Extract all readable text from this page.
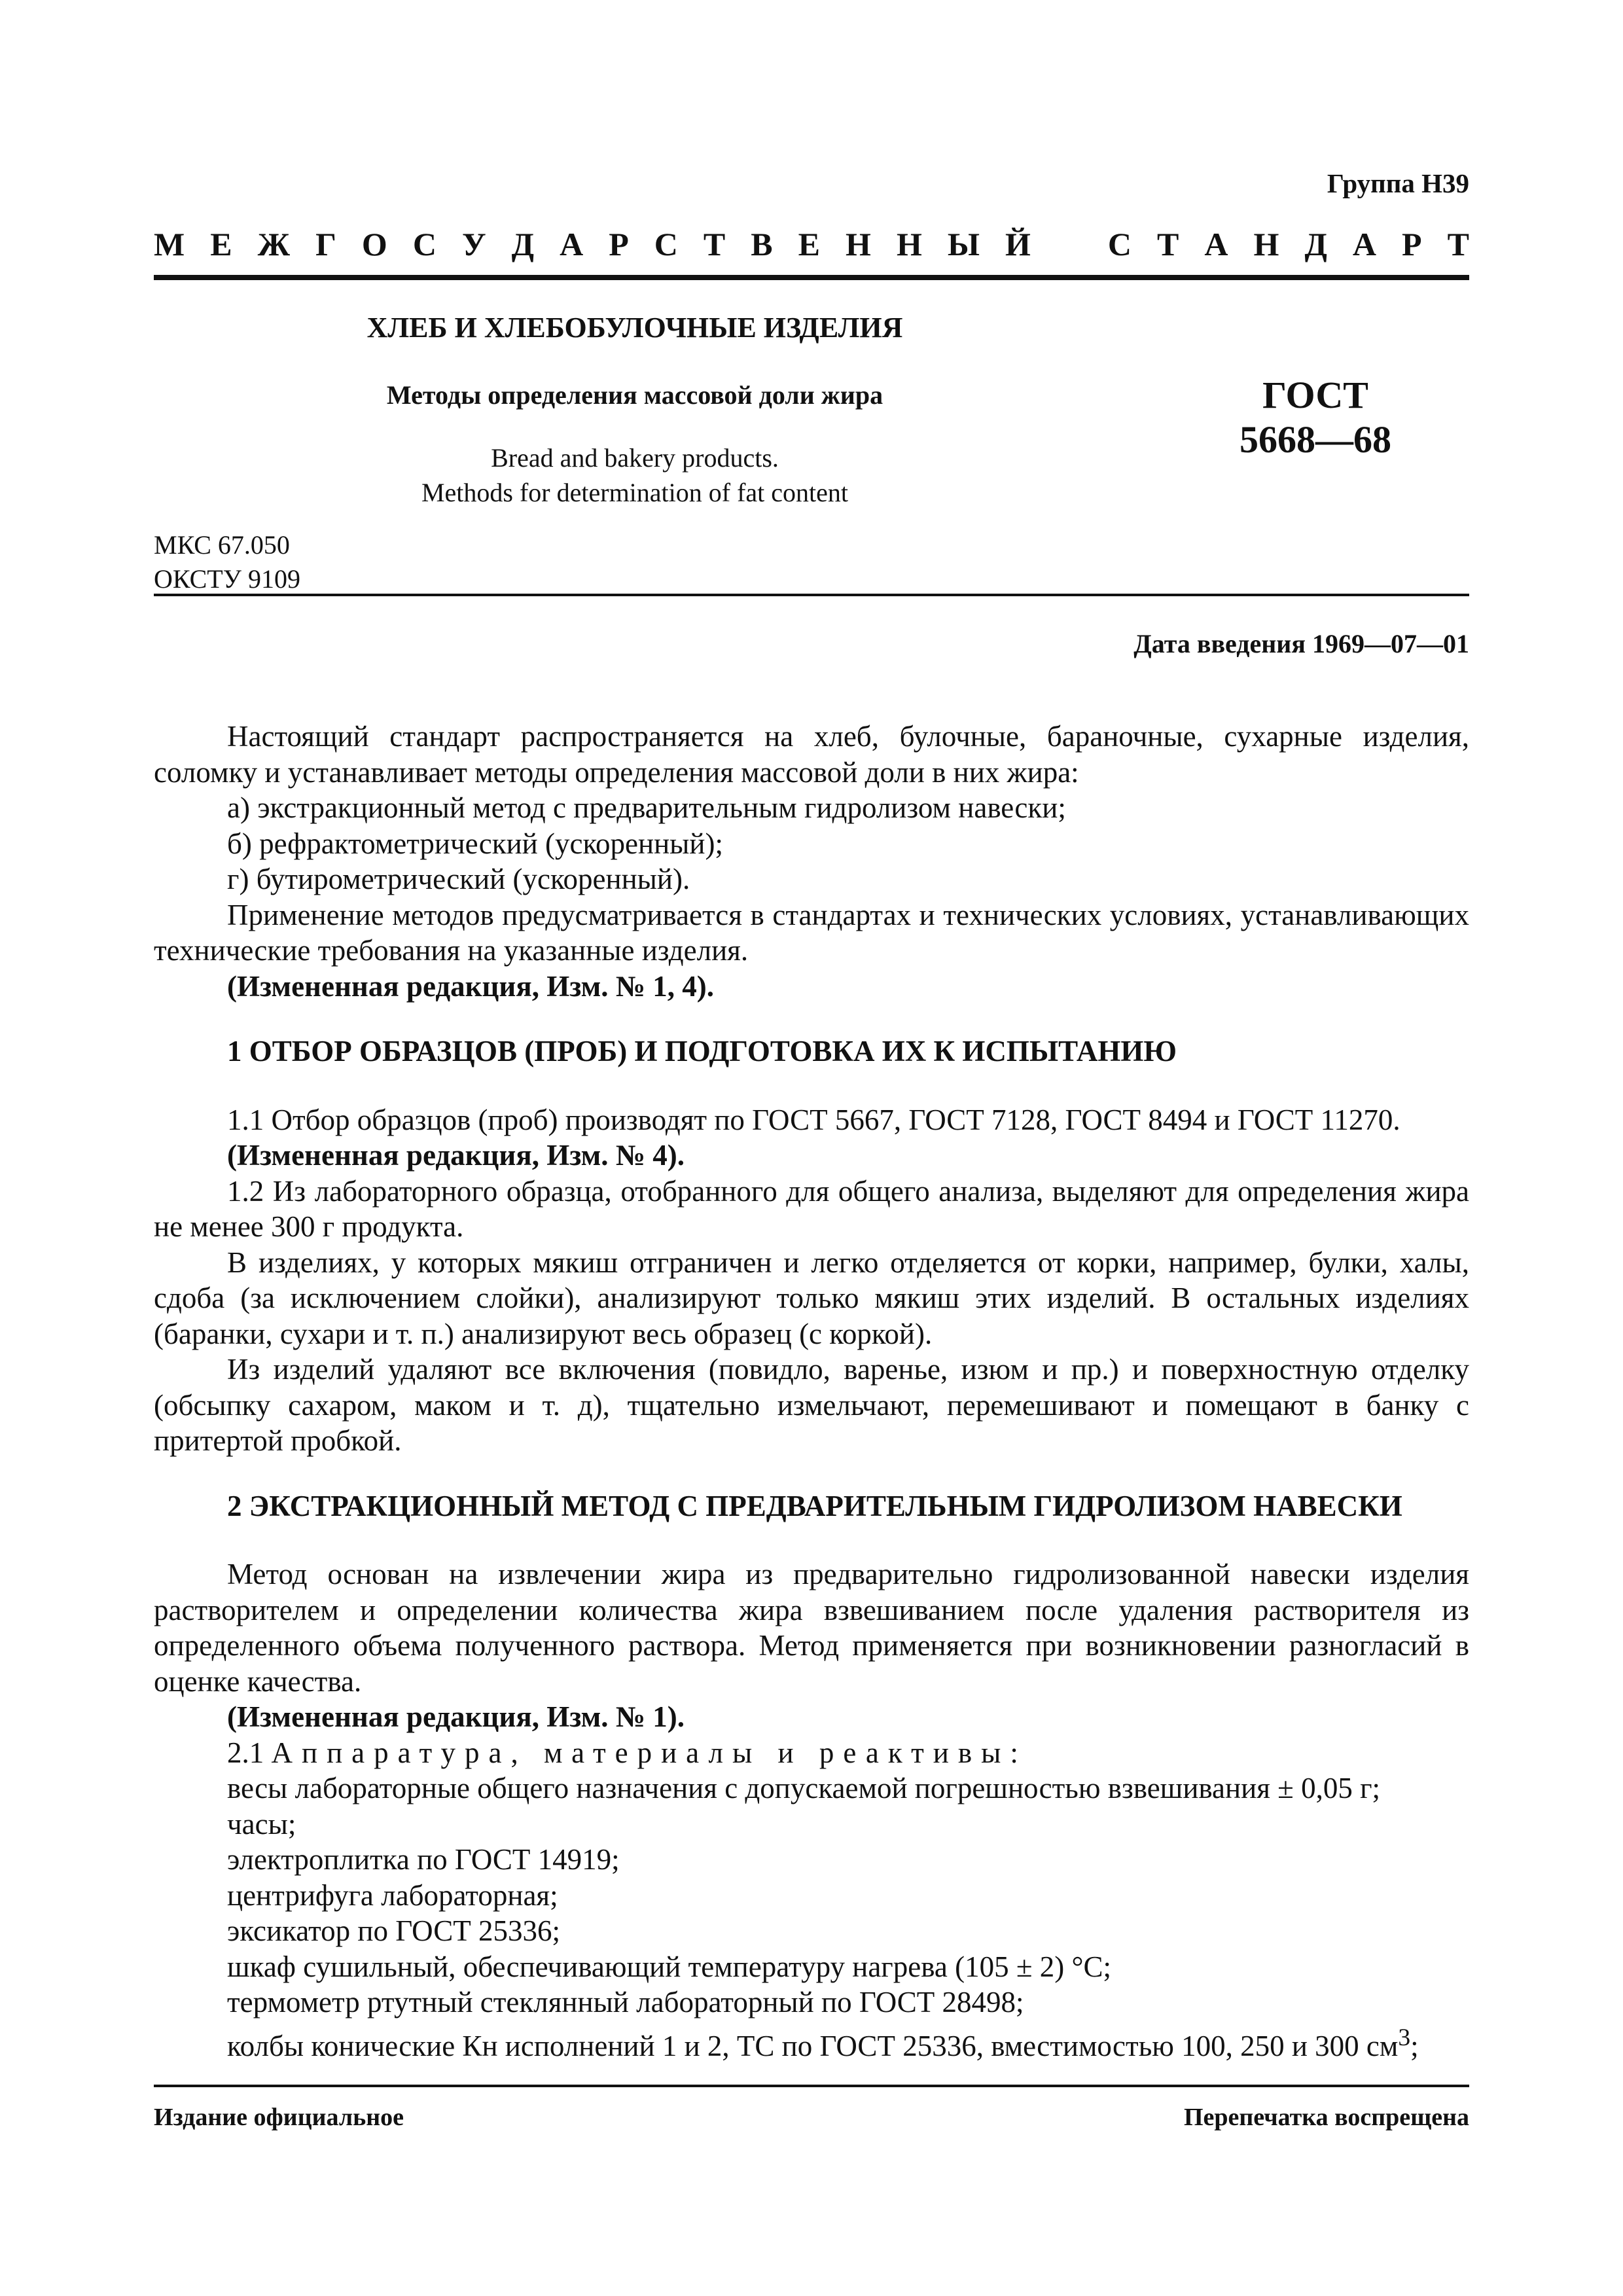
Группа Н39
М Е Ж Г О С У Д А Р С Т В Е Н Н Ы Й С Т А Н Д А Р Т
ХЛЕБ И ХЛЕБОБУЛОЧНЫЕ ИЗДЕЛИЯ
Методы определения массовой доли жира
Bread and bakery products.
Methods for determination of fat content
ГОСТ
5668—68
МКС 67.050
ОКСТУ 9109
Дата введения 1969—07—01

Настоящий стандарт распространяется на хлеб, булочные, бараночные, сухарные изделия, соломку и устанавливает методы определения массовой доли в них жира:

а) экстракционный метод с предварительным гидролизом навески;

б) рефрактометрический (ускоренный);

г) бутирометрический (ускоренный).

Применение методов предусматривается в стандартах и технических условиях, устанавливающих технические требования на указанные изделия.

(Измененная редакция, Изм. № 1, 4).

1 ОТБОР ОБРАЗЦОВ (ПРОБ) И ПОДГОТОВКА ИХ К ИСПЫТАНИЮ

1.1 Отбор образцов (проб) производят по ГОСТ 5667, ГОСТ 7128, ГОСТ 8494 и ГОСТ 11270.

(Измененная редакция, Изм. № 4).

1.2 Из лабораторного образца, отобранного для общего анализа, выделяют для определения жира не менее 300 г продукта.

В изделиях, у которых мякиш отграничен и легко отделяется от корки, например, булки, халы, сдоба (за исключением слойки), анализируют только мякиш этих изделий. В остальных изделиях (баранки, сухари и т. п.) анализируют весь образец (с коркой).

Из изделий удаляют все включения (повидло, варенье, изюм и пр.) и поверхностную отделку (обсыпку сахаром, маком и т. д), тщательно измельчают, перемешивают и помещают в банку с притертой пробкой.

2 ЭКСТРАКЦИОННЫЙ МЕТОД С ПРЕДВАРИТЕЛЬНЫМ ГИДРОЛИЗОМ НАВЕСКИ

Метод основан на извлечении жира из предварительно гидролизованной навески изделия растворителем и определении количества жира взвешиванием после удаления растворителя из определенного объема полученного раствора. Метод применяется при возникновении разногласий в оценке качества.

(Измененная редакция, Изм. № 1).

2.1 Аппаратура, материалы и реактивы:

весы лабораторные общего назначения с допускаемой погрешностью взвешивания ± 0,05 г;

часы;

электроплитка по ГОСТ 14919;

центрифуга лабораторная;

эксикатор по ГОСТ 25336;

шкаф сушильный, обеспечивающий температуру нагрева (105 ± 2) °С;

термометр ртутный стеклянный лабораторный по ГОСТ 28498;

колбы конические Кн исполнений 1 и 2, ТС по ГОСТ 25336, вместимостью 100, 250 и 300 $см^3$;

Издание официальное	Перепечатка воспрещена
